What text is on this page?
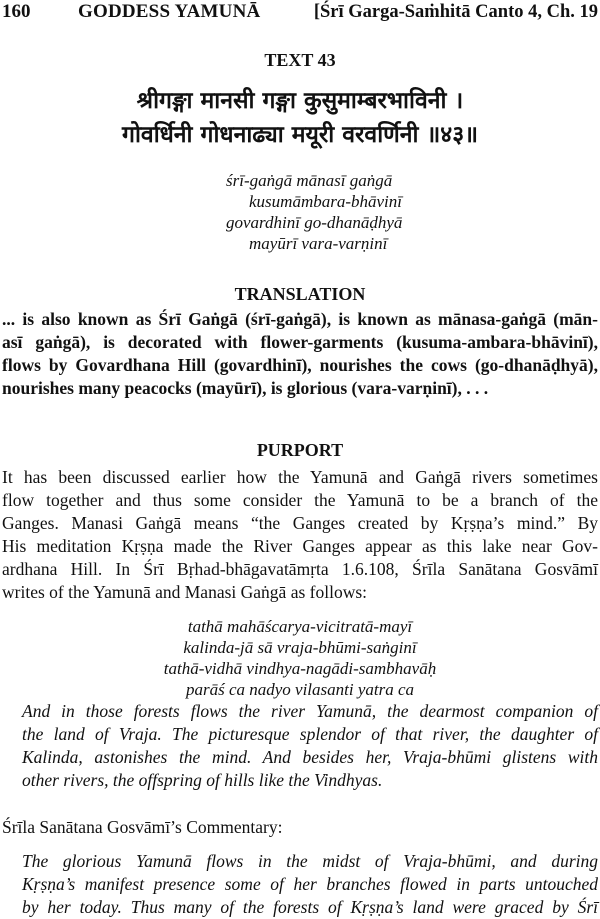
160	GODDESS YAMUNĀ	[Śrī Garga-Saṁhitā Canto 4, Ch. 19
TEXT 43
श्रीगङ्गा मानसी गङ्गा कुसुमाम्बरभाविनी ।
गोवर्धिनी गोधनाढ्या मयूरी वरवर्णिनी ॥४३॥
śrī-gaṅgā mānasī gaṅgā
kusumāmbara-bhāvinī
govardhinī go-dhanāḍhyā
mayūrī vara-varṇinī
TRANSLATION
... is also known as Śrī Gaṅgā (śrī-gaṅgā), is known as mānasa-gaṅgā (mān-
asī gaṅgā), is decorated with flower-garments (kusuma-ambara-bhāvinī),
flows by Govardhana Hill (govardhinī), nourishes the cows (go-dhanāḍhyā),
nourishes many peacocks (mayūrī), is glorious (vara-varṇinī), . . .
PURPORT
It has been discussed earlier how the Yamunā and Gaṅgā rivers sometimes
flow together and thus some consider the Yamunā to be a branch of the
Ganges. Manasi Gaṅgā means “the Ganges created by Kṛṣṇa’s mind.” By
His meditation Kṛṣṇa made the River Ganges appear as this lake near Gov-
ardhana Hill. In Śrī Bṛhad-bhāgavatāmṛta 1.6.108, Śrīla Sanātana Gosvāmī
writes of the Yamunā and Manasi Gaṅgā as follows:
tathā mahāścarya-vicitratā-mayī
kalinda-jā sā vraja-bhūmi-saṅginī
tathā-vidhā vindhya-nagādi-sambhavāḥ
parāś ca nadyo vilasanti yatra ca
And in those forests flows the river Yamunā, the dearmost companion of
the land of Vraja. The picturesque splendor of that river, the daughter of
Kalinda, astonishes the mind. And besides her, Vraja-bhūmi glistens with
other rivers, the offspring of hills like the Vindhyas.
Śrīla Sanātana Gosvāmī’s Commentary:
The glorious Yamunā flows in the midst of Vraja-bhūmi, and during
Kṛṣṇa’s manifest presence some of her branches flowed in parts untouched
by her today. Thus many of the forests of Kṛṣṇa’s land were graced by Śrī
